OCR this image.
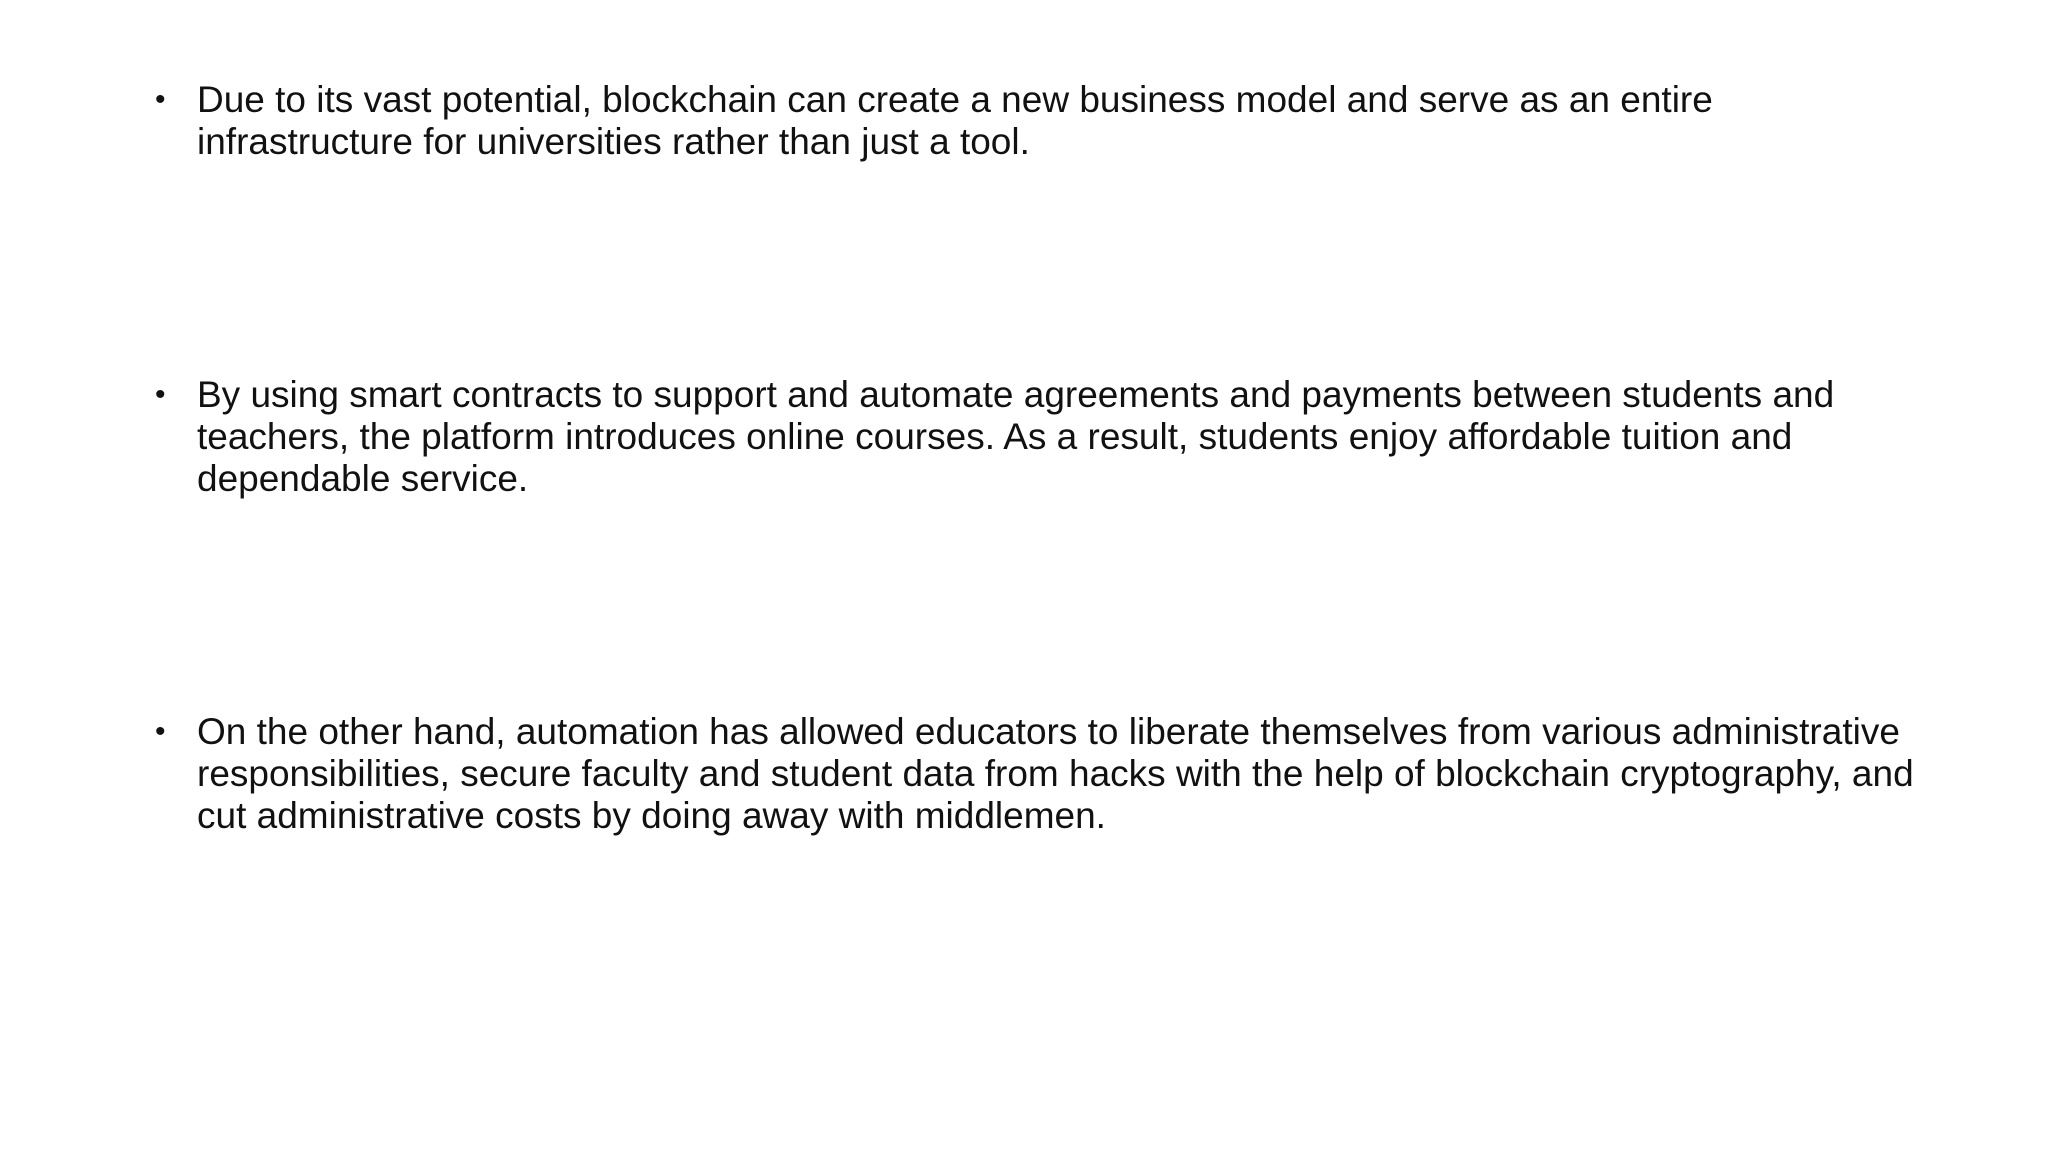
• Due to its vast potential, blockchain can create a new business model and serve as an entire infrastructure for universities rather than just a tool.
• By using smart contracts to support and automate agreements and payments between students and teachers, the platform introduces online courses. As a result, students enjoy affordable tuition and dependable service.
• On the other hand, automation has allowed educators to liberate themselves from various administrative responsibilities, secure faculty and student data from hacks with the help of blockchain cryptography, and cut administrative costs by doing away with middlemen.
